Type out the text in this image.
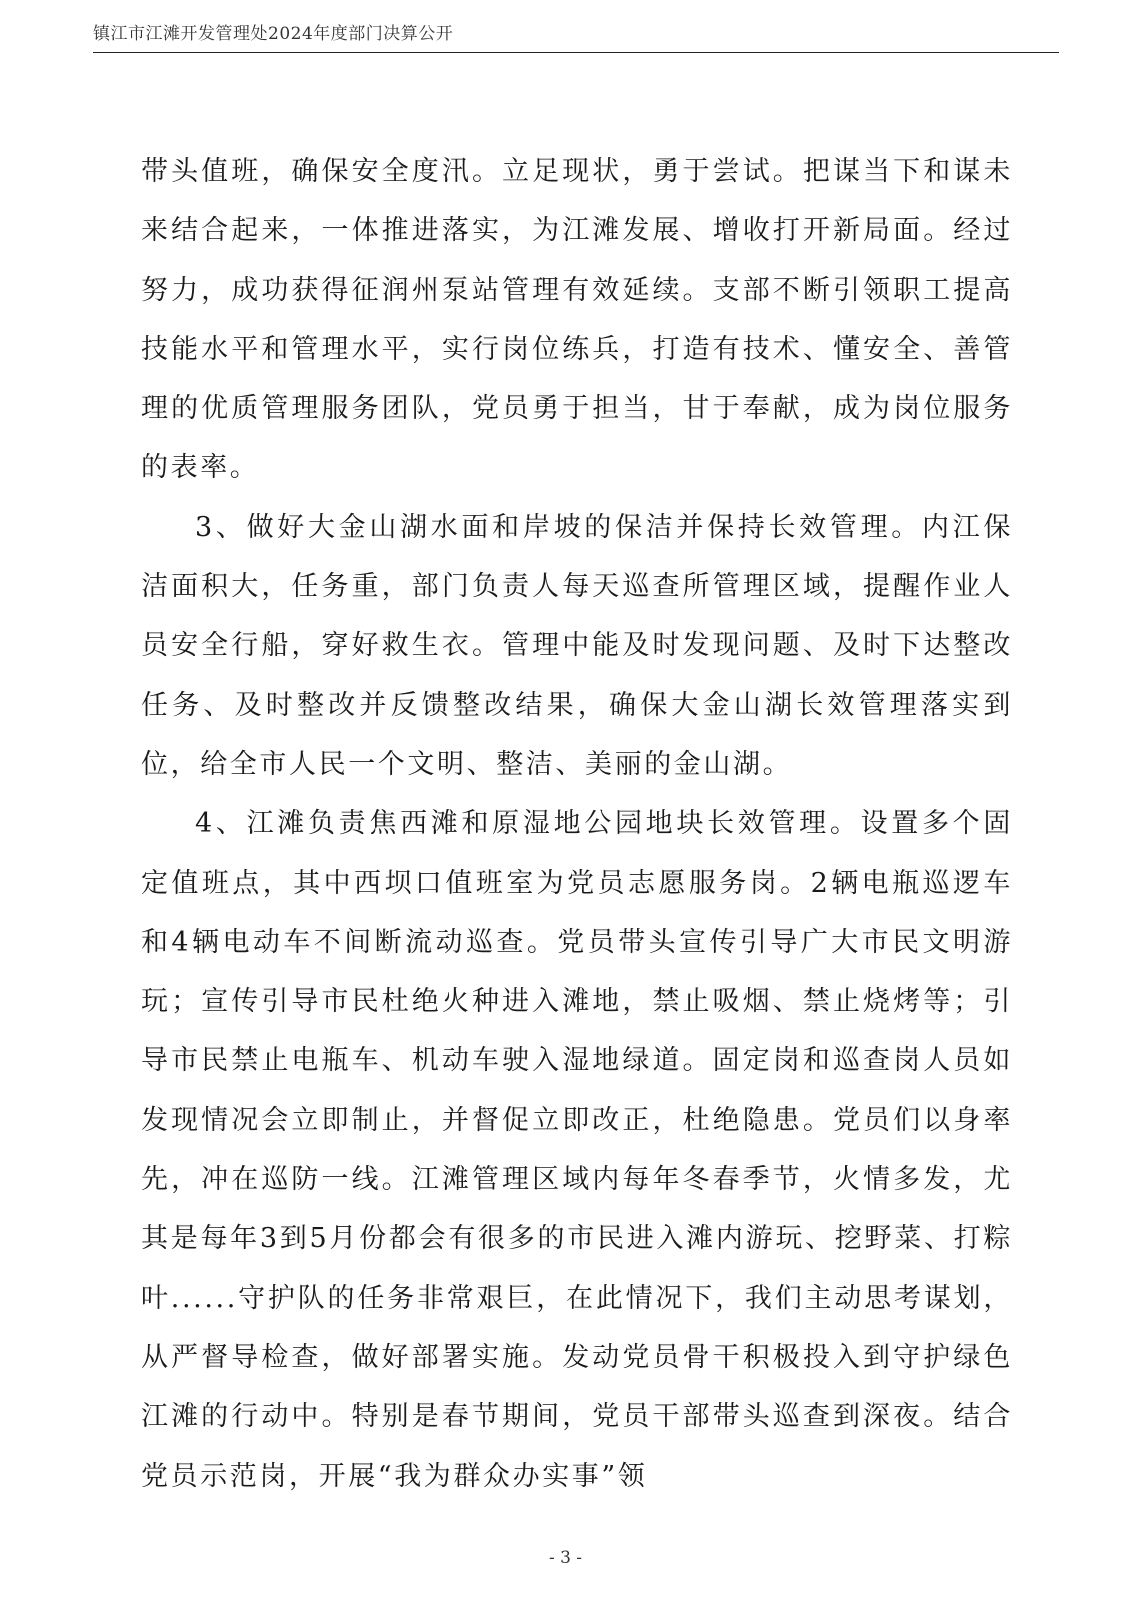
镇江市江滩开发管理处2024年度部门决算公开

带头值班，确保安全度汛。立足现状，勇于尝试。把谋当下和谋未来结合起来，一体推进落实，为江滩发展、增收打开新局面。经过努力，成功获得征润州泵站管理有效延续。支部不断引领职工提高技能水平和管理水平，实行岗位练兵，打造有技术、懂安全、善管理的优质管理服务团队，党员勇于担当，甘于奉献，成为岗位服务的表率。

3、做好大金山湖水面和岸坡的保洁并保持长效管理。内江保洁面积大，任务重，部门负责人每天巡查所管理区域，提醒作业人员安全行船，穿好救生衣。管理中能及时发现问题、及时下达整改任务、及时整改并反馈整改结果，确保大金山湖长效管理落实到位，给全市人民一个文明、整洁、美丽的金山湖。

4、江滩负责焦西滩和原湿地公园地块长效管理。设置多个固定值班点，其中西坝口值班室为党员志愿服务岗。2辆电瓶巡逻车和4辆电动车不间断流动巡查。党员带头宣传引导广大市民文明游玩；宣传引导市民杜绝火种进入滩地，禁止吸烟、禁止烧烤等；引导市民禁止电瓶车、机动车驶入湿地绿道。固定岗和巡查岗人员如发现情况会立即制止，并督促立即改正，杜绝隐患。党员们以身率先，冲在巡防一线。江滩管理区域内每年冬春季节，火情多发，尤其是每年3到5月份都会有很多的市民进入滩内游玩、挖野菜、打粽叶......守护队的任务非常艰巨，在此情况下，我们主动思考谋划，从严督导检查，做好部署实施。发动党员骨干积极投入到守护绿色江滩的行动中。特别是春节期间，党员干部带头巡查到深夜。结合党员示范岗，开展“我为群众办实事”领

- 3 -
